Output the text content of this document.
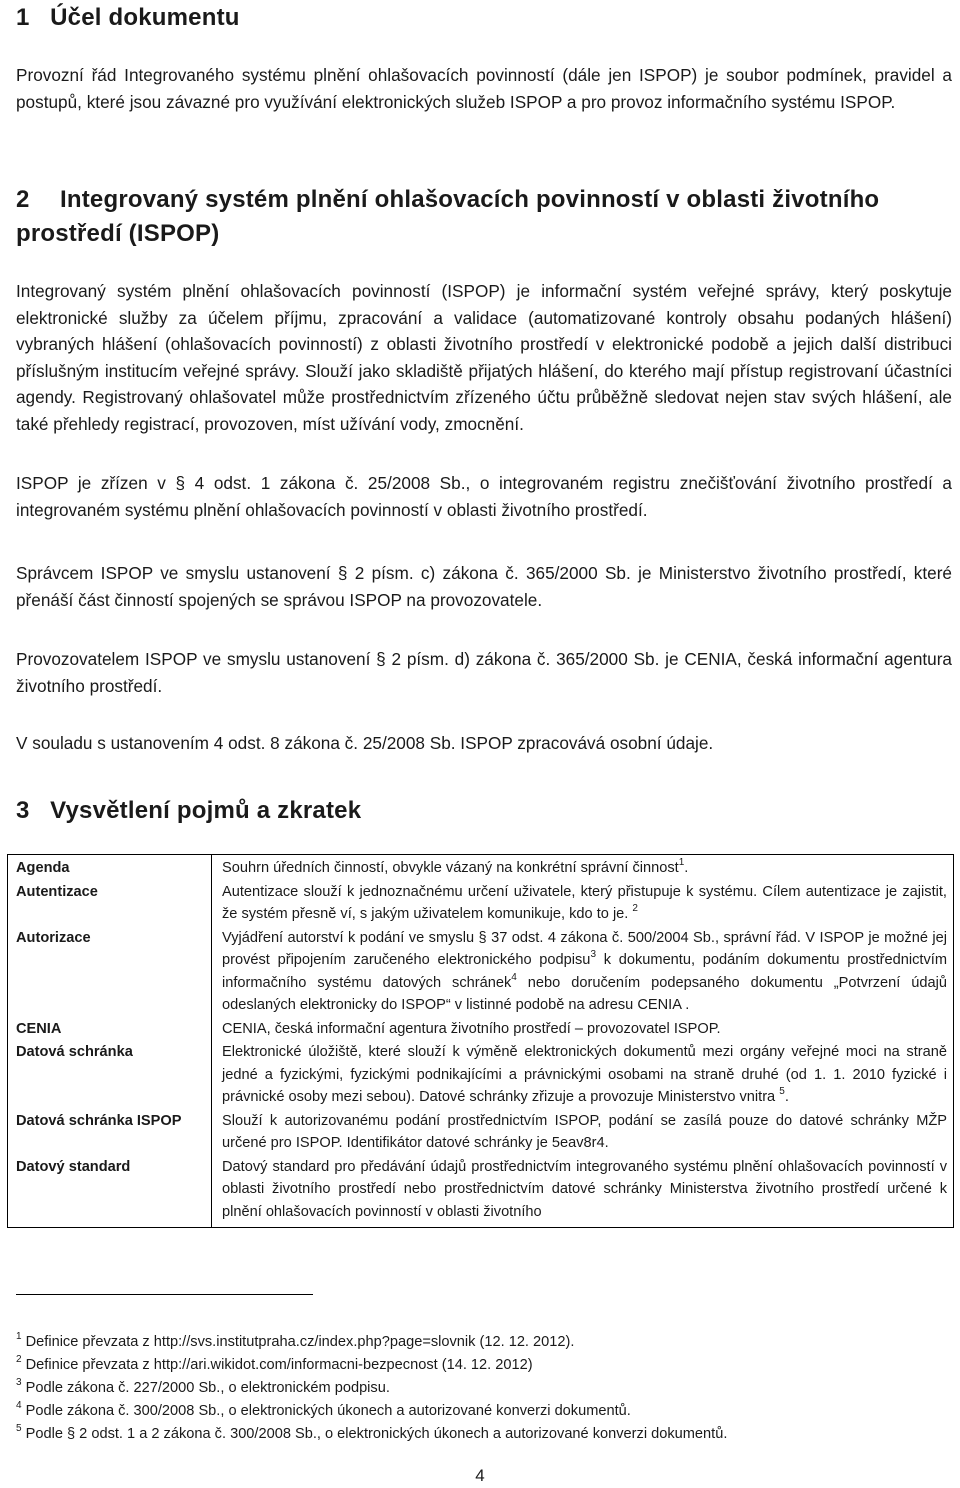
1   Účel dokumentu
Provozní řád Integrovaného systému plnění ohlašovacích povinností (dále jen ISPOP) je soubor podmínek, pravidel a postupů, které jsou závazné pro využívání elektronických služeb ISPOP a pro provoz informačního systému ISPOP.
2 Integrovaný systém plnění ohlašovacích povinností v oblasti životního prostředí (ISPOP)
Integrovaný systém plnění ohlašovacích povinností (ISPOP) je informační systém veřejné správy, který poskytuje elektronické služby za účelem příjmu, zpracování a validace (automatizované kontroly obsahu podaných hlášení) vybraných hlášení (ohlašovacích povinností) z oblasti životního prostředí v elektronické podobě a jejich další distribuci příslušným institucím veřejné správy. Slouží jako skladiště přijatých hlášení, do kterého mají přístup registrovaní účastníci agendy. Registrovaný ohlašovatel může prostřednictvím zřízeného účtu průběžně sledovat nejen stav svých hlášení, ale také přehledy registrací, provozoven, míst užívání vody, zmocnění.
ISPOP je zřízen v § 4 odst. 1 zákona č. 25/2008 Sb., o integrovaném registru znečišťování životního prostředí a integrovaném systému plnění ohlašovacích povinností v oblasti životního prostředí.
Správcem ISPOP ve smyslu ustanovení § 2 písm. c) zákona č. 365/2000 Sb. je Ministerstvo životního prostředí, které přenáší část činností spojených se správou ISPOP na provozovatele.
Provozovatelem ISPOP ve smyslu ustanovení § 2 písm. d) zákona č. 365/2000 Sb. je CENIA, česká informační agentura životního prostředí.
V souladu s ustanovením 4 odst. 8 zákona č. 25/2008 Sb. ISPOP zpracovává osobní údaje.
3   Vysvětlení pojmů a zkratek
Agenda	Souhrn úředních činností, obvykle vázaný na konkrétní správní činnost$^1$.
Autentizace	Autentizace slouží k jednoznačnému určení uživatele, který přistupuje k systému. Cílem autentizace je zajistit, že systém přesně ví, s jakým uživatelem komunikuje, kdo to je. $^2$
Autorizace	Vyjádření autorství k podání ve smyslu § 37 odst. 4 zákona č. 500/2004 Sb., správní řád. V ISPOP je možné jej provést připojením zaručeného elektronického podpisu$^3$ k dokumentu, podáním dokumentu prostřednictvím informačního systému datových schránek$^4$ nebo doručením podepsaného dokumentu „Potvrzení údajů odeslaných elektronicky do ISPOP“ v listinné podobě na adresu CENIA .
CENIA	CENIA, česká informační agentura životního prostředí – provozovatel ISPOP.
Datová schránka	Elektronické úložiště, které slouží k výměně elektronických dokumentů mezi orgány veřejné moci na straně jedné a fyzickými, fyzickými podnikajícími a právnickými osobami na straně druhé (od 1. 1. 2010 fyzické i právnické osoby mezi sebou). Datové schránky zřizuje a provozuje Ministerstvo vnitra $^5$.
Datová schránka ISPOP	Slouží k autorizovanému podání prostřednictvím ISPOP, podání se zasílá pouze do datové schránky MŽP určené pro ISPOP. Identifikátor datové schránky je 5eav8r4.
Datový standard	Datový standard pro předávání údajů prostřednictvím integrovaného systému plnění ohlašovacích povinností v oblasti životního prostředí nebo prostřednictvím datové schránky Ministerstva životního prostředí určené k plnění ohlašovacích povinností v oblasti životního
$^1$ Definice převzata z http://svs.institutpraha.cz/index.php?page=slovnik (12. 12. 2012).
$^2$ Definice převzata z http://ari.wikidot.com/informacni-bezpecnost (14. 12. 2012)
$^3$ Podle zákona č. 227/2000 Sb., o elektronickém podpisu.
$^4$ Podle zákona č. 300/2008 Sb., o elektronických úkonech a autorizované konverzi dokumentů.
$^5$ Podle § 2 odst. 1 a 2 zákona č. 300/2008 Sb., o elektronických úkonech a autorizované konverzi dokumentů.
4
